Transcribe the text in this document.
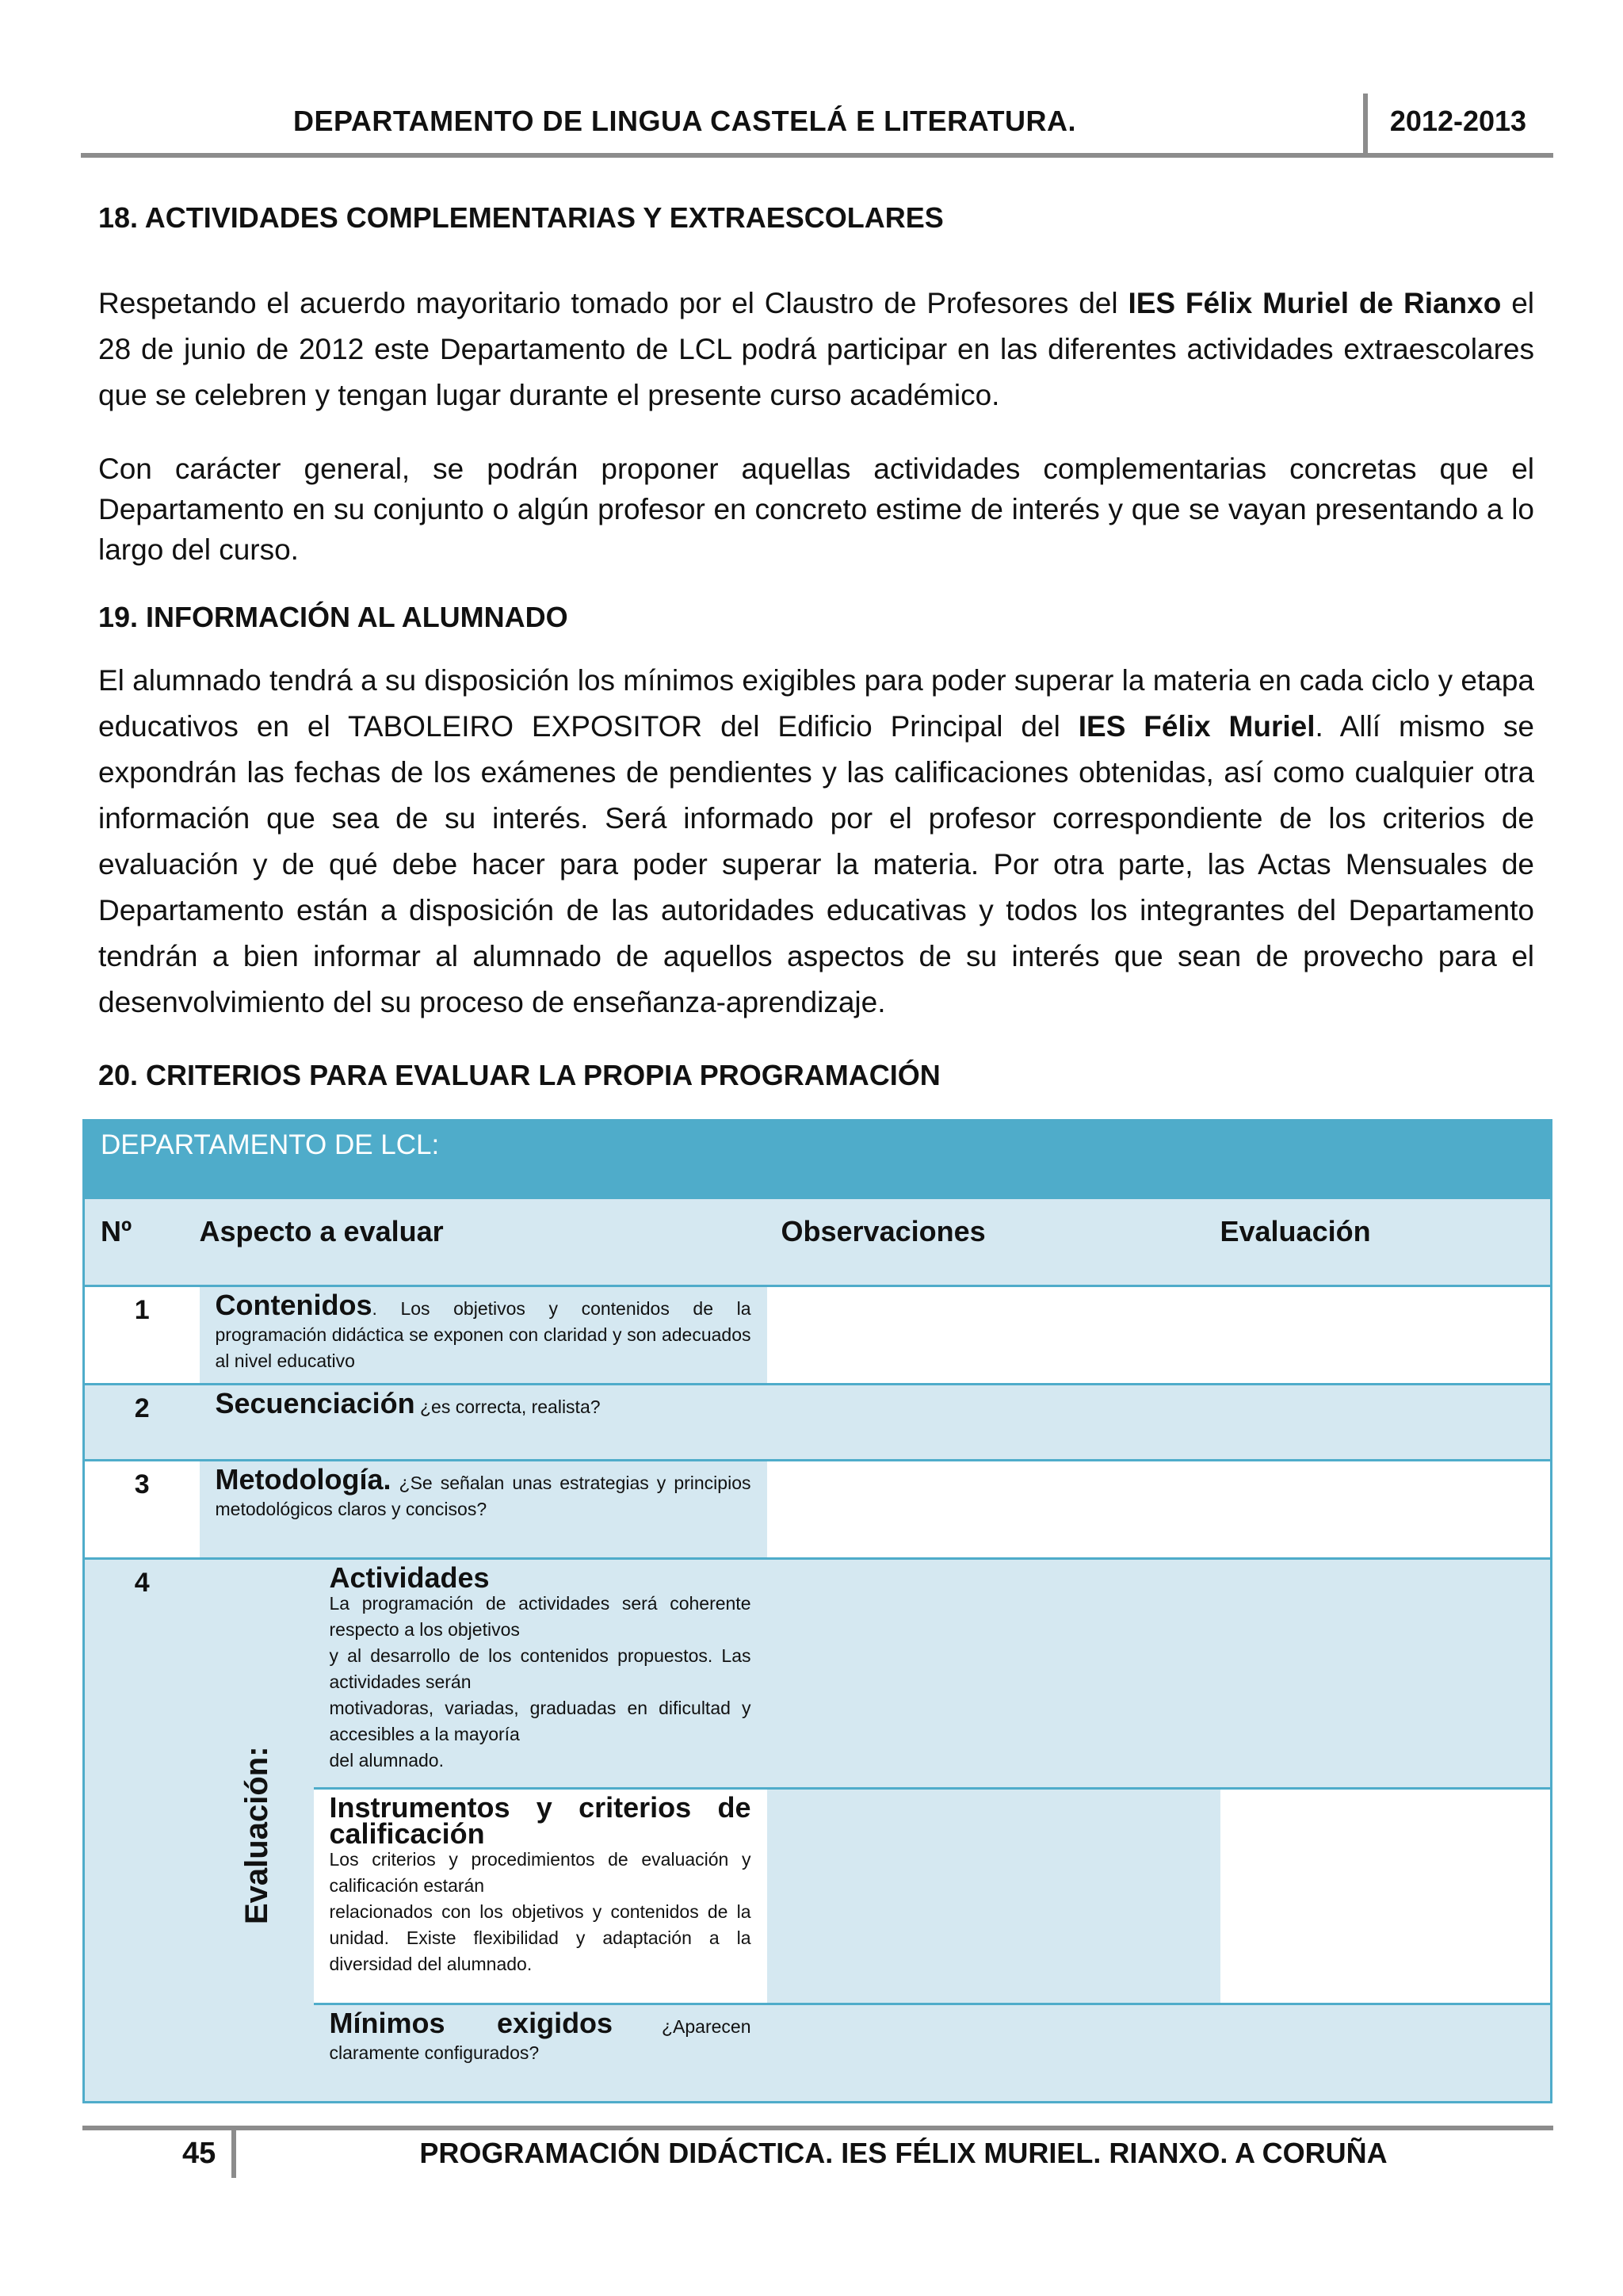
DEPARTAMENTO DE LINGUA CASTELÁ E LITERATURA.	2012-2013
18. ACTIVIDADES COMPLEMENTARIAS Y EXTRAESCOLARES

Respetando el acuerdo mayoritario tomado por el Claustro de Profesores del IES Félix Muriel de Rianxo el 28 de junio de 2012 este Departamento de LCL podrá participar en las diferentes actividades extraescolares que se celebren y tengan lugar durante el presente curso académico.

Con carácter general, se podrán proponer aquellas actividades complementarias concretas que el Departamento en su conjunto o algún profesor en concreto estime de interés y que se vayan presentando a lo largo del curso.
19. INFORMACIÓN AL ALUMNADO

El alumnado tendrá a su disposición los mínimos exigibles para poder superar la materia en cada ciclo y etapa educativos en el TABOLEIRO EXPOSITOR del Edificio Principal del IES Félix Muriel. Allí mismo se expondrán las fechas de los exámenes de pendientes y las calificaciones obtenidas, así como cualquier otra información que sea de su interés. Será informado por el profesor correspondiente de los criterios de evaluación y de qué debe hacer para poder superar la materia. Por otra parte, las Actas Mensuales de Departamento están a disposición de las autoridades educativas y todos los integrantes del Departamento tendrán a bien informar al alumnado de aquellos aspectos de su interés que sean de provecho para el desenvolvimiento del su proceso de enseñanza-aprendizaje.

20. CRITERIOS PARA EVALUAR LA PROPIA PROGRAMACIÓN
DEPARTAMENTO DE LCL:				
Nº	Aspecto a evaluar		Observaciones	Evaluación
1	Contenidos. Los objetivos y contenidos de la programación didáctica se exponen con claridad y son adecuados al nivel educativo			
2	Secuenciación ¿es correcta, realista?			
3	Metodología. ¿Se señalan unas estrategias y principios metodológicos claros y concisos?			
4	Evaluación:	Actividades
La programación de actividades será coherente respecto a los objetivos
y al desarrollo de los contenidos propuestos. Las actividades serán
motivadoras, variadas, graduadas en dificultad y accesibles a la mayoría
del alumnado.		

		Instrumentos y criterios de calificación
Los criterios y procedimientos de evaluación y calificación estarán
relacionados con los objetivos y contenidos de la unidad. Existe flexibilidad y adaptación a la diversidad del alumnado.		

		Mínimos exigidos ¿Aparecen claramente configurados?		
45	PROGRAMACIÓN DIDÁCTICA. IES FÉLIX MURIEL. RIANXO. A CORUÑA
